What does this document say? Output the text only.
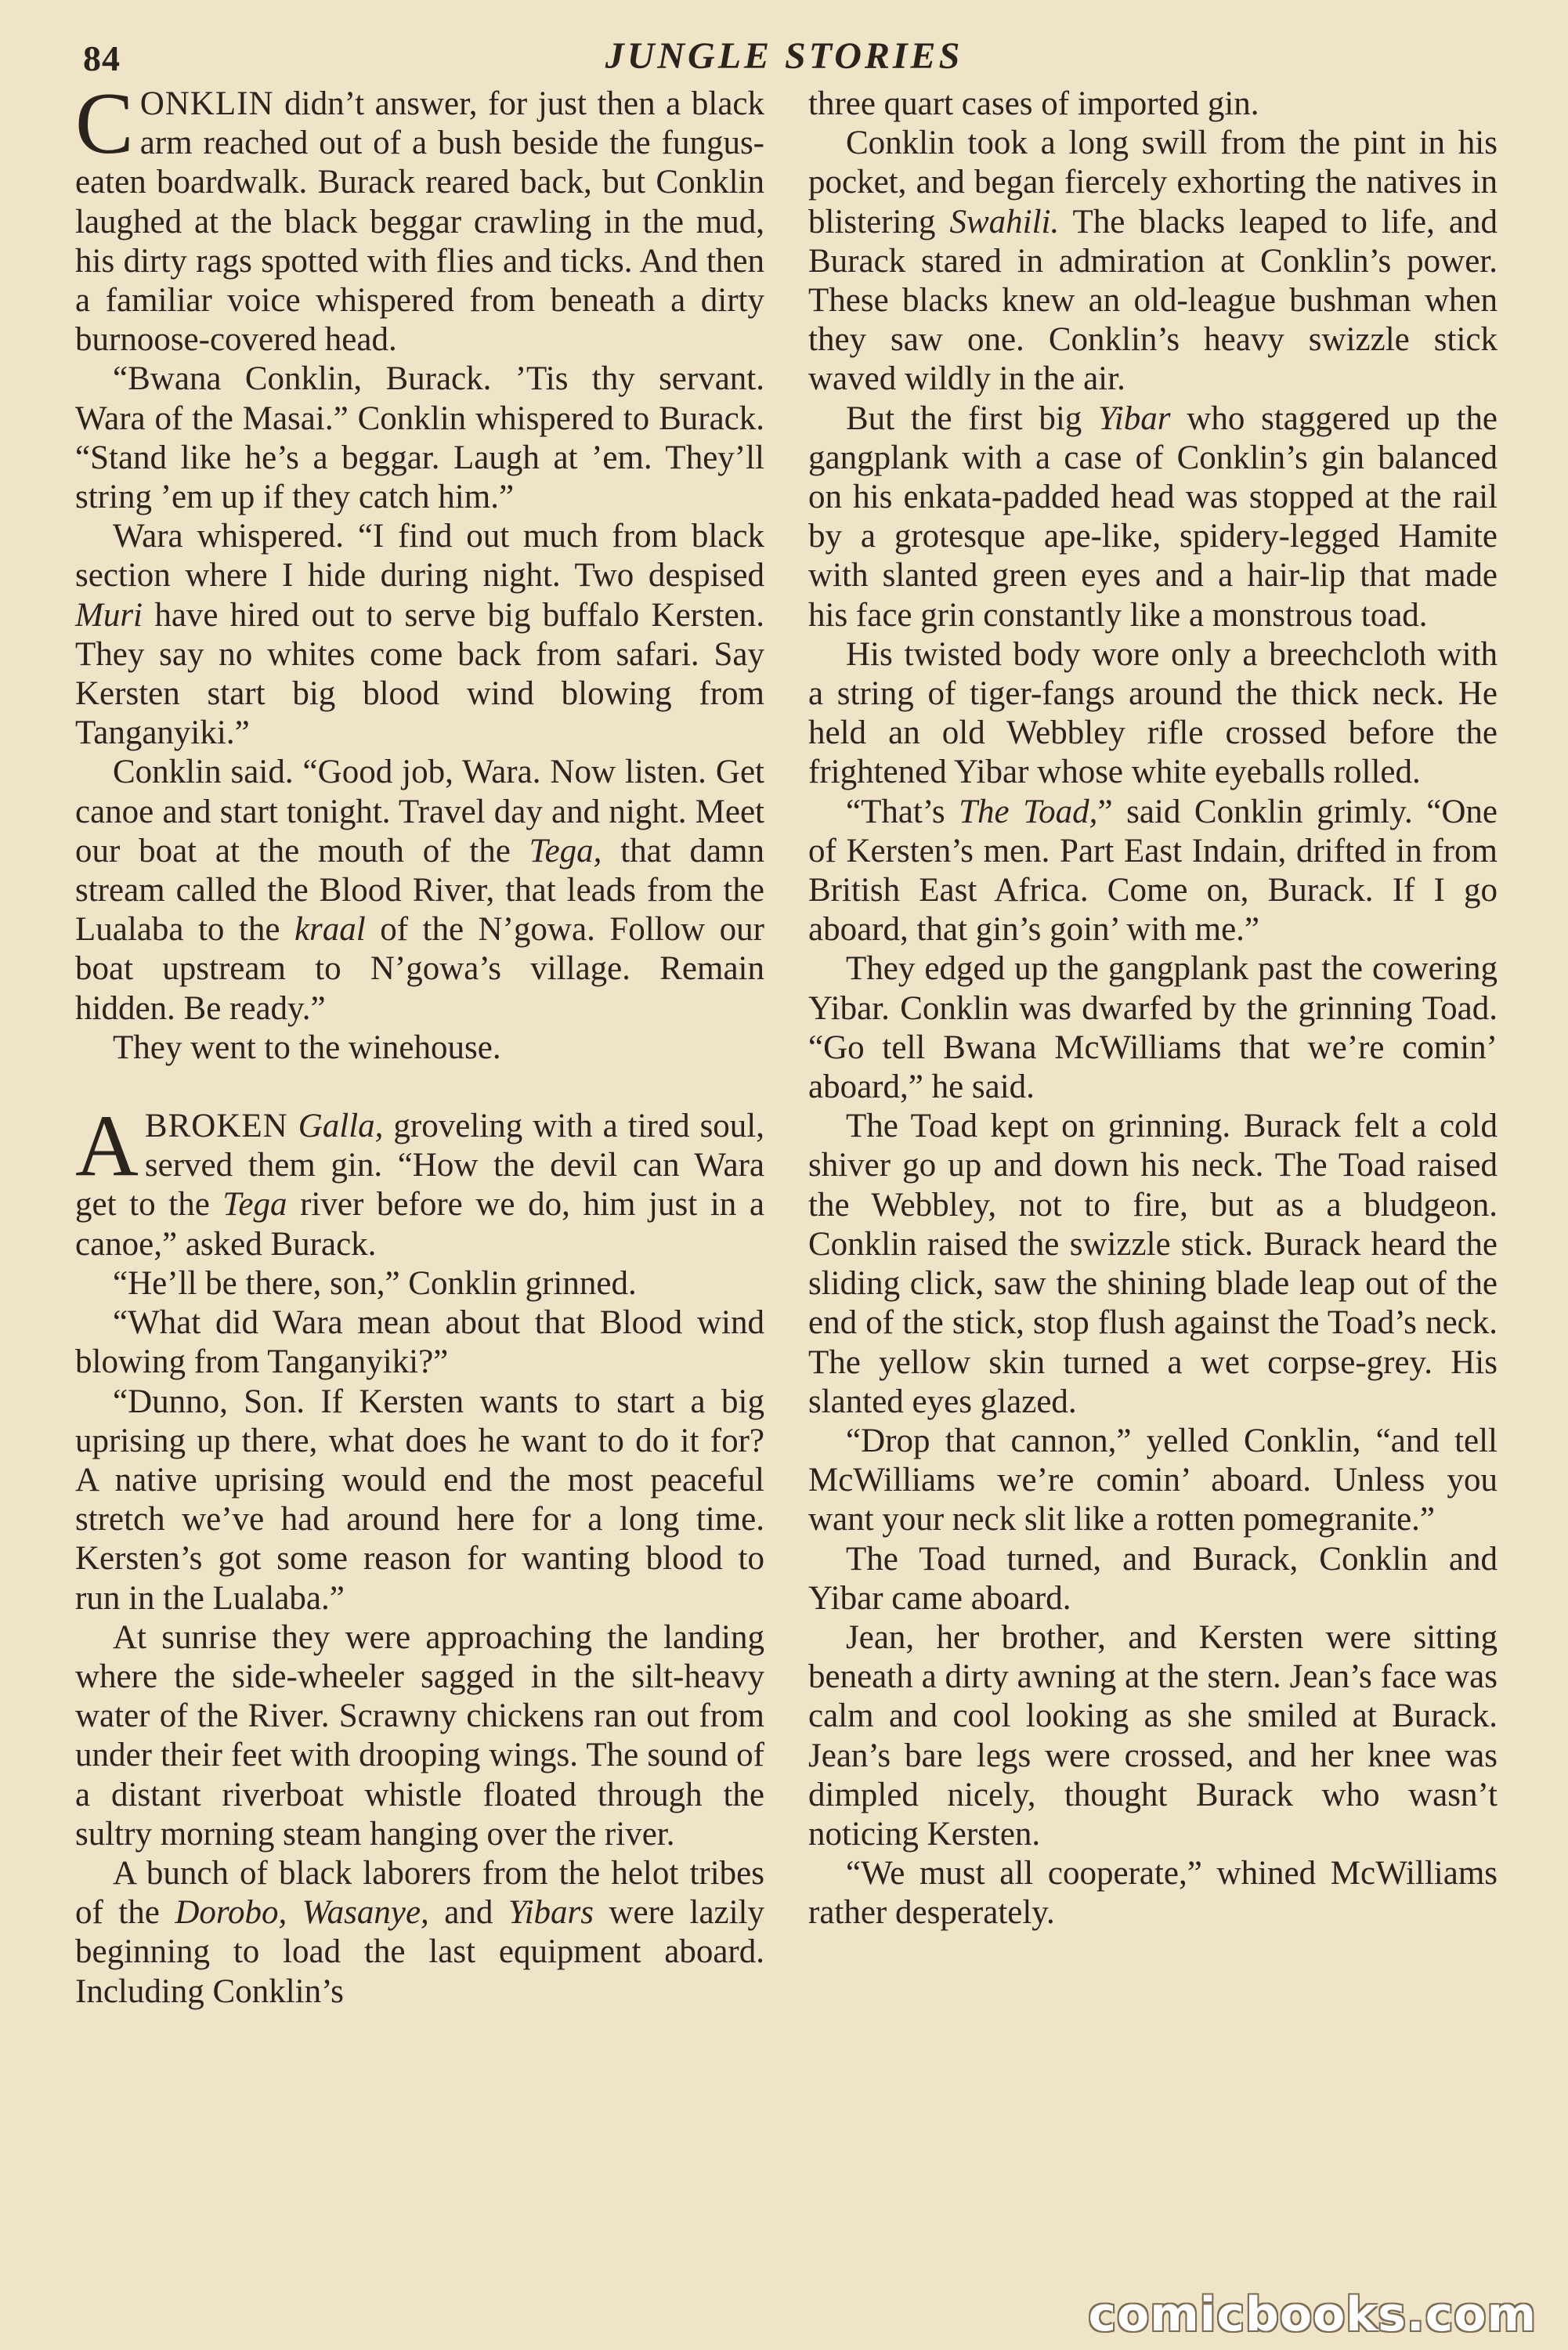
84	JUNGLE STORIES

CONKLIN didn’t answer, for just then a black arm reached out of a bush beside the fungus-eaten boardwalk. Burack reared back, but Conklin laughed at the black beggar crawling in the mud, his dirty rags spotted with flies and ticks. And then a familiar voice whispered from beneath a dirty burnoose-covered head.

“Bwana Conklin, Burack. ’Tis thy servant. Wara of the Masai.” Conklin whispered to Burack. “Stand like he’s a beggar. Laugh at ’em. They’ll string ’em up if they catch him.”

Wara whispered. “I find out much from black section where I hide during night. Two despised Muri have hired out to serve big buffalo Kersten. They say no whites come back from safari. Say Kersten start big blood wind blowing from Tanganyiki.”

Conklin said. “Good job, Wara. Now listen. Get canoe and start tonight. Travel day and night. Meet our boat at the mouth of the Tega, that damn stream called the Blood River, that leads from the Lualaba to the kraal of the N’gowa. Follow our boat upstream to N’gowa’s village. Remain hidden. Be ready.”

They went to the winehouse.

ABROKEN Galla, groveling with a tired soul, served them gin. “How the devil can Wara get to the Tega river before we do, him just in a canoe,” asked Burack.

“He’ll be there, son,” Conklin grinned.

“What did Wara mean about that Blood wind blowing from Tanganyiki?”

“Dunno, Son. If Kersten wants to start a big uprising up there, what does he want to do it for? A native uprising would end the most peaceful stretch we’ve had around here for a long time. Kersten’s got some reason for wanting blood to run in the Lualaba.”

At sunrise they were approaching the landing where the side-wheeler sagged in the silt-heavy water of the River. Scrawny chickens ran out from under their feet with drooping wings. The sound of a distant riverboat whistle floated through the sultry morning steam hanging over the river.

A bunch of black laborers from the helot tribes of the Dorobo, Wasanye, and Yibars were lazily beginning to load the last equipment aboard. Including Conklin’s

three quart cases of imported gin.

Conklin took a long swill from the pint in his pocket, and began fiercely exhorting the natives in blistering Swahili. The blacks leaped to life, and Burack stared in admiration at Conklin’s power. These blacks knew an old-league bushman when they saw one. Conklin’s heavy swizzle stick waved wildly in the air.

But the first big Yibar who staggered up the gangplank with a case of Conklin’s gin balanced on his enkata-padded head was stopped at the rail by a grotesque ape-like, spidery-legged Hamite with slanted green eyes and a hair-lip that made his face grin constantly like a monstrous toad.

His twisted body wore only a breechcloth with a string of tiger-fangs around the thick neck. He held an old Webbley rifle crossed before the frightened Yibar whose white eyeballs rolled.

“That’s The Toad,” said Conklin grimly. “One of Kersten’s men. Part East Indain, drifted in from British East Africa. Come on, Burack. If I go aboard, that gin’s goin’ with me.”

They edged up the gangplank past the cowering Yibar. Conklin was dwarfed by the grinning Toad. “Go tell Bwana McWilliams that we’re comin’ aboard,” he said.

The Toad kept on grinning. Burack felt a cold shiver go up and down his neck. The Toad raised the Webbley, not to fire, but as a bludgeon. Conklin raised the swizzle stick. Burack heard the sliding click, saw the shining blade leap out of the end of the stick, stop flush against the Toad’s neck. The yellow skin turned a wet corpse-grey. His slanted eyes glazed.

“Drop that cannon,” yelled Conklin, “and tell McWilliams we’re comin’ aboard. Unless you want your neck slit like a rotten pomegranite.”

The Toad turned, and Burack, Conklin and Yibar came aboard.

Jean, her brother, and Kersten were sitting beneath a dirty awning at the stern. Jean’s face was calm and cool looking as she smiled at Burack. Jean’s bare legs were crossed, and her knee was dimpled nicely, thought Burack who wasn’t noticing Kersten.

“We must all cooperate,” whined McWilliams rather desperately.

comicbooks.com
